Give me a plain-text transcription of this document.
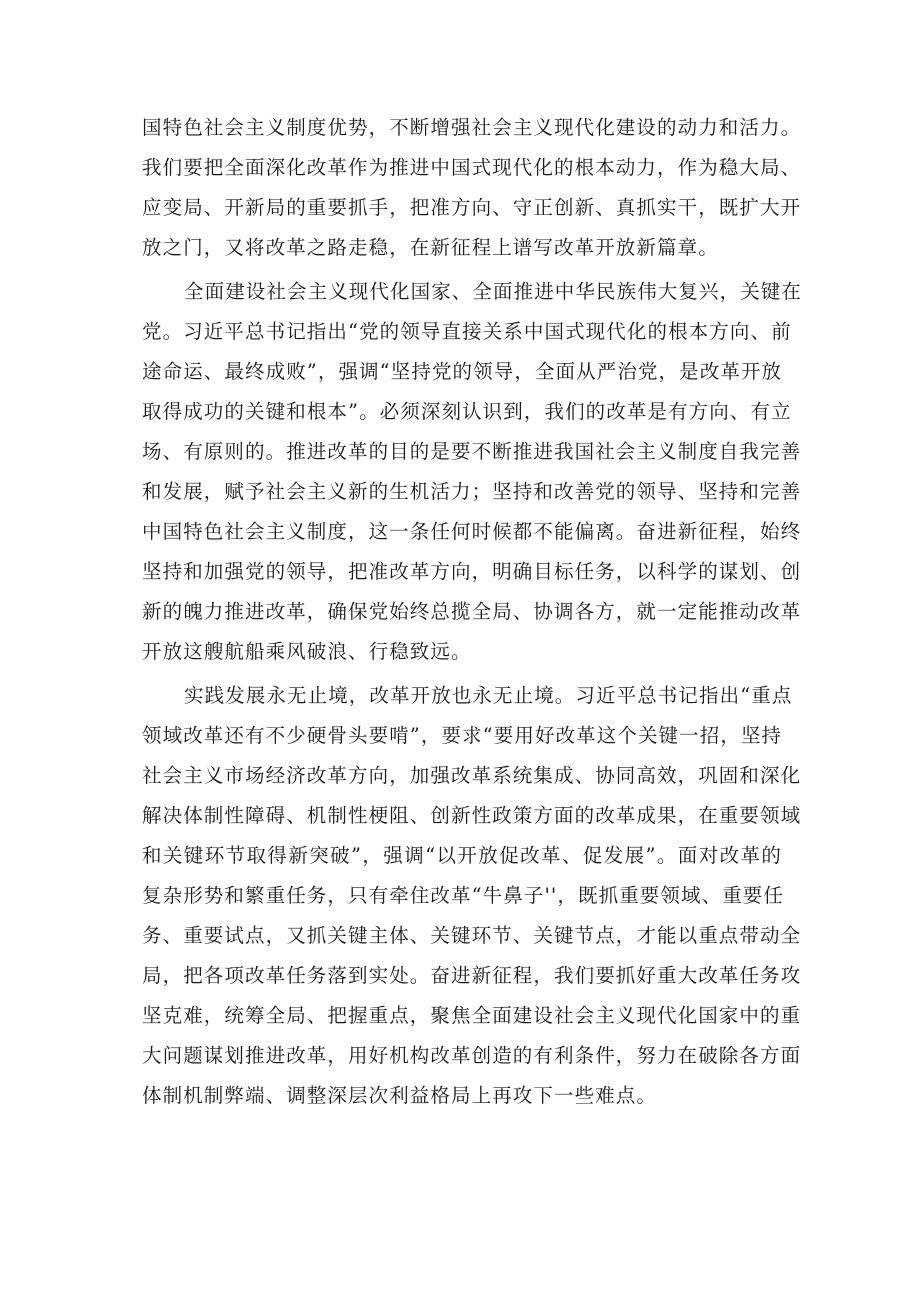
国特色社会主义制度优势，不断增强社会主义现代化建设的动力和活力。
我们要把全面深化改革作为推进中国式现代化的根本动力，作为稳大局、
应变局、开新局的重要抓手，把准方向、守正创新、真抓实干，既扩大开
放之门，又将改革之路走稳，在新征程上谱写改革开放新篇章。
全面建设社会主义现代化国家、全面推进中华民族伟大复兴，关键在
党。习近平总书记指出“党的领导直接关系中国式现代化的根本方向、前
途命运、最终成败”，强调“坚持党的领导，全面从严治党，是改革开放
取得成功的关键和根本”。必须深刻认识到，我们的改革是有方向、有立
场、有原则的。推进改革的目的是要不断推进我国社会主义制度自我完善
和发展，赋予社会主义新的生机活力；坚持和改善党的领导、坚持和完善
中国特色社会主义制度，这一条任何时候都不能偏离。奋进新征程，始终
坚持和加强党的领导，把准改革方向，明确目标任务，以科学的谋划、创
新的魄力推进改革，确保党始终总揽全局、协调各方，就一定能推动改革
开放这艘航船乘风破浪、行稳致远。
实践发展永无止境，改革开放也永无止境。习近平总书记指出“重点
领域改革还有不少硬骨头要啃”，要求“要用好改革这个关键一招，坚持
社会主义市场经济改革方向，加强改革系统集成、协同高效，巩固和深化
解决体制性障碍、机制性梗阻、创新性政策方面的改革成果，在重要领域
和关键环节取得新突破”，强调“以开放促改革、促发展”。面对改革的
复杂形势和繁重任务，只有牵住改革“牛鼻子''，既抓重要领域、重要任
务、重要试点，又抓关键主体、关键环节、关键节点，才能以重点带动全
局，把各项改革任务落到实处。奋进新征程，我们要抓好重大改革任务攻
坚克难，统筹全局、把握重点，聚焦全面建设社会主义现代化国家中的重
大问题谋划推进改革，用好机构改革创造的有利条件，努力在破除各方面
体制机制弊端、调整深层次利益格局上再攻下一些难点。
